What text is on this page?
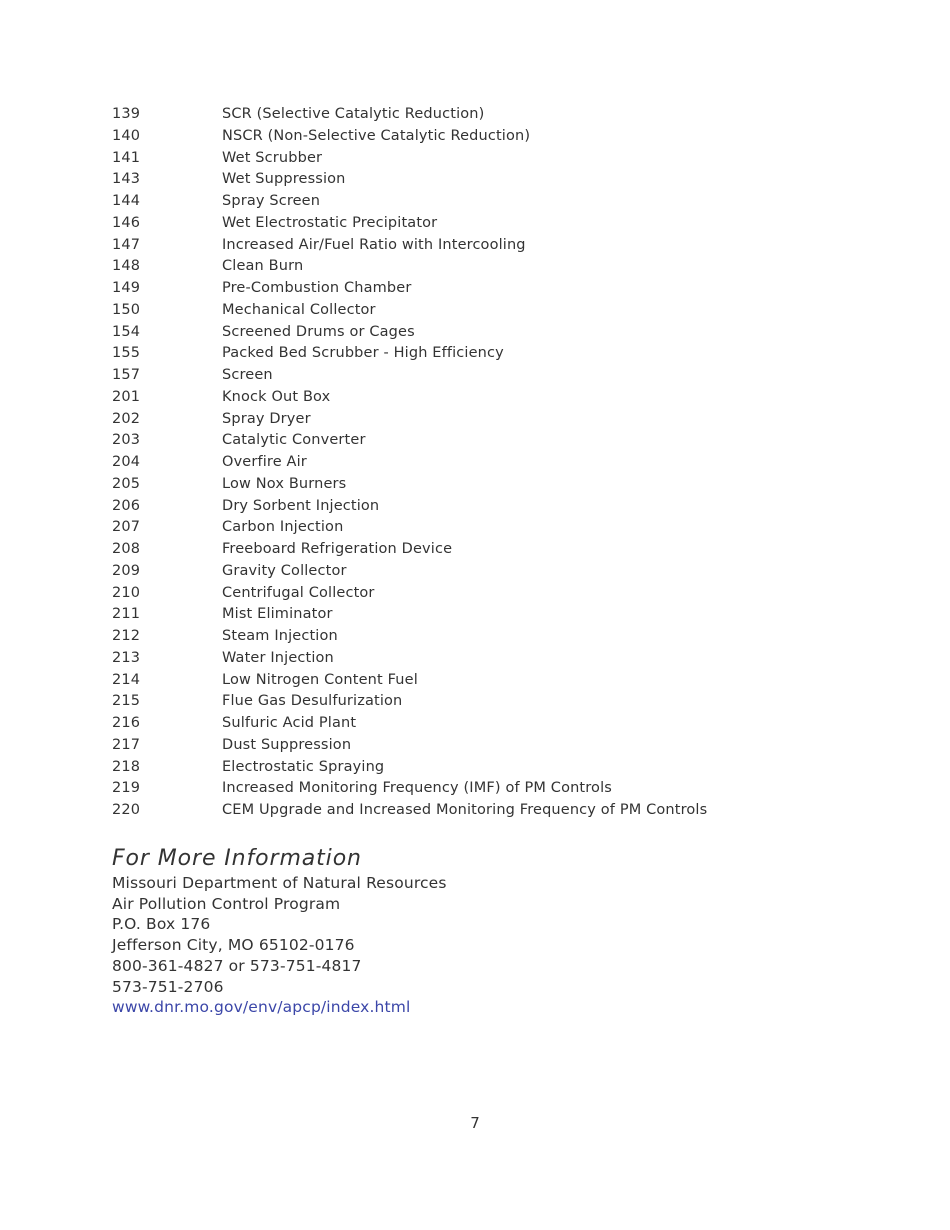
139	SCR (Selective Catalytic Reduction)
140	NSCR (Non-Selective Catalytic Reduction)
141	Wet Scrubber
143	Wet Suppression
144	Spray Screen
146	Wet Electrostatic Precipitator
147	Increased Air/Fuel Ratio with Intercooling
148	Clean Burn
149	Pre-Combustion Chamber
150	Mechanical Collector
154	Screened Drums or Cages
155	Packed Bed Scrubber - High Efficiency
157	Screen
201	Knock Out Box
202	Spray Dryer
203	Catalytic Converter
204	Overfire Air
205	Low Nox Burners
206	Dry Sorbent Injection
207	Carbon Injection
208	Freeboard Refrigeration Device
209	Gravity Collector
210	Centrifugal Collector
211	Mist Eliminator
212	Steam Injection
213	Water Injection
214	Low Nitrogen Content Fuel
215	Flue Gas Desulfurization
216	Sulfuric Acid Plant
217	Dust Suppression
218	Electrostatic Spraying
219	Increased Monitoring Frequency (IMF) of PM Controls
220	CEM Upgrade and Increased Monitoring Frequency of PM Controls
For More Information
Missouri Department of Natural Resources
Air Pollution Control Program
P.O. Box 176
Jefferson City, MO 65102-0176
800-361-4827 or 573-751-4817
573-751-2706
www.dnr.mo.gov/env/apcp/index.html
7
